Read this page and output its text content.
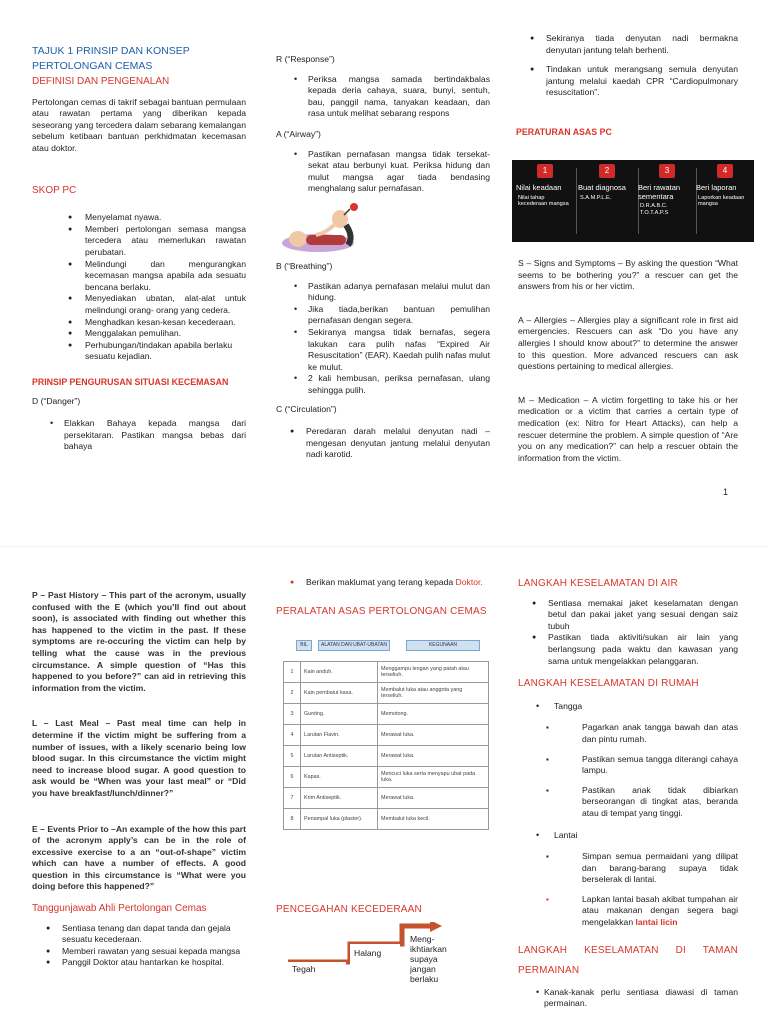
TAJUK 1 PRINSIP DAN KONSEP PERTOLONGAN CEMAS
DEFINISI DAN PENGENALAN

Pertolongan cemas di takrif sebagai bantuan permulaan atau rawatan pertama yang diberikan kepada seseorang yang tercedera dalam sebarang kemalangan sebelum ketibaan bantuan perkhidmatan kecemasan atau doktor.

SKOP PC
● Menyelamat nyawa.
● Memberi pertolongan semasa mangsa tercedera atau memerlukan rawatan perubatan.
● Melindungi dan mengurangkan kecemasan mangsa apabila ada sesuatu bencana berlaku.
● Menyediakan ubatan, alat-alat untuk melindungi orang- orang yang cedera.
● Menghadkan kesan-kesan kecederaan.
● Menggalakan pemulihan.
● Perhubungan/tindakan apabila berlaku sesuatu kejadian.
PRINSIP PENGURUSAN SITUASI KECEMASAN
D (“Danger”)
• Elakkan Bahaya kepada mangsa dari persekitaran. Pastikan mangsa bebas dari bahaya
R (“Response”)
• Periksa mangsa samada bertindakbalas kepada deria cahaya, suara, bunyi, sentuh, bau, panggil nama, tanyakan keadaan, dan rasa untuk melihat sebarang respons
A (“Airway”)
• Pastikan pernafasan mangsa tidak tersekat-sekat atau berbunyi kuat. Periksa hidung dan mulut mangsa agar tiada bendasing menghalang salur pernafasan.
B (“Breathing”)
• Pastikan adanya pernafasan melalui mulut dan hidung.
• Jika tiada,berikan bantuan pemulihan pernafasan dengan segera.
• Sekiranya mangsa tidak bernafas, segera lakukan cara pulih nafas “Expired Air Resuscitation” (EAR). Kaedah pulih nafas mulut ke mulut.
• 2 kali hembusan, periksa pernafasan, ulang sehingga pulih.
C (“Circulation”)
● Peredaran darah melalui denyutan nadi – mengesan denyutan jantung melalui denyutan nadi karotid.
● Sekiranya tiada denyutan nadi bermakna denyutan jantung telah berhenti.
● Tindakan untuk merangsang semula denyutan jantung melalui kaedah CPR “Cardiopulmonary resuscitation”.
PERATURAN ASAS PC
1
Nilai keadaan
Nilai tahap kecederaan mangsa
2
Buat diagnosa
S.A.M.P.L.E.
3
Beri rawatan sementara
D.R.A.B.C.
T.O.T.A.P.S
4
Beri laporan
Laporkan keadaan mangsa

S – Signs and Symptoms – By asking the question “What seems to be bothering you?” a rescuer can get the answers from his or her victim.

A – Allergies – Allergies play a significant role in first aid emergencies. Rescuers can ask “Do you have any allergies I should know about?” to determine the answer to this question. More advanced rescuers can ask questions pertaining to medical allergies.

M – Medication – A victim forgetting to take his or her medication or a victim that carries a certain type of medication (ex: Nitro for Heart Attacks), can help a rescuer determine the problem. A simple question of “Are you on any medication?” can help a rescuer obtain the information from the victim.

1

P – Past History – This part of the acronym, usually confused with the E (which you’ll find out about soon), is associated with finding out whether this has happened to the victim in the past. If these symptoms are re-occuring the victim can help by telling what the cause was in the previous circumstance. A simple question of “Has this happened to you before?” can aid in retrieving this information from the victim.

L – Last Meal – Past meal time can help in determine if the victim might be suffering from a number of issues, with a likely scenario being low blood sugar. In this circumstance the victim might need to increase blood sugar. A good question to ask would be “When was your last meal” or “Did you have breakfast/lunch/dinner?”

E – Events Prior to –An example of the how this part of the acronym apply’s can be in the role of excessive exercise to a an “out-of-shape” victim which can have a number of effects. A good question in this circumstance is “What were you doing before this happened?”

Tanggunjawab Ahli Pertolongan Cemas
● Sentiasa tenang dan dapat tanda dan gejala sesuatu kecederaan.
● Memberi rawatan yang sesuai kepada mangsa
● Panggil Doktor atau hantarkan ke hospital.
● Berikan maklumat yang terang kepada Doktor.
PERALATAN ASAS PERTOLONGAN CEMAS
BIL	ALATAN DAN UBAT-UBATAN	KEGUNAAN
1	Kain anduh.	Menggampu lengan yang patah atau terseliuh.
2	Kain pembalut kasa.	Membalut luka atau anggota yang terseliuh.
3	Gunting.	Memotong.
4	Larutan Flavin.	Merawat luka.
5	Larutan Antiseptik.	Merawat luka.
6	Kapas.	Mencuci luka serta menyapu ubat pada luka.
7	Krim Antiseptik.	Merawat luka.
8	Penampal luka (plaster).	Membalut luka kecil.
PENCEGAHAN KECEDERAAN
Tegah
Halang
Meng- ikhtiarkan supaya jangan berlaku
LANGKAH KESELAMATAN DI AIR
● Sentiasa memakai jaket keselamatan dengan betul dan pakai jaket yang sesuai dengan saiz tubuh
● Pastikan tiada aktiviti/sukan air lain yang berlangsung pada waktu dan kawasan yang sama untuk mengelakkan pelanggaran.
LANGKAH KESELAMATAN DI RUMAH
• Tangga
▪ Pagarkan anak tangga bawah dan atas dan pintu rumah.
▪ Pastikan semua tangga diterangi cahaya lampu.
▪ Pastikan anak tidak dibiarkan berseorangan di tingkat atas, beranda atau di tempat yang tinggi.
• Lantai
▪ Simpan semua permaidani yang dilipat dan barang-barang supaya tidak berselerak di lantai.
▪ Lapkan lantai basah akibat tumpahan air atau makanan dengan segera bagi mengelakkan lantai licin
LANGKAH KESELAMATAN DI TAMAN PERMAINAN
• Kanak-kanak perlu sentiasa diawasi di taman permainan.
